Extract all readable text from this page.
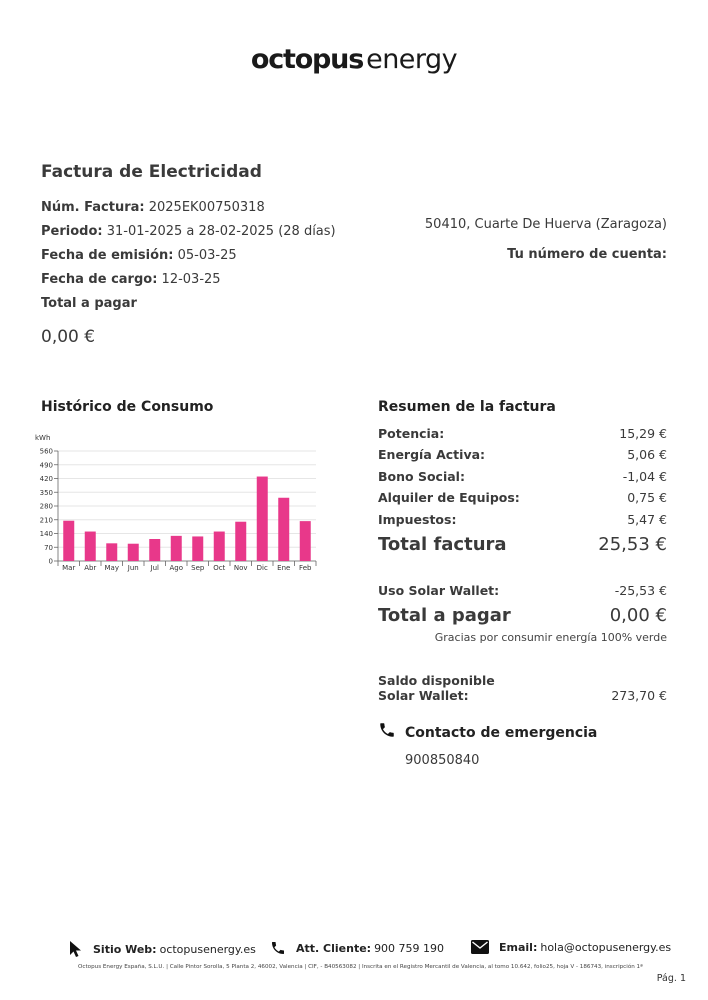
octopus energy
Factura de Electricidad
Núm. Factura: 2025EK00750318
Periodo: 31-01-2025 a 28-02-2025 (28 días)
Fecha de emisión: 05-03-25
Fecha de cargo: 12-03-25
Total a pagar
0,00 €
50410, Cuarte De Huerva (Zaragoza)
Tu número de cuenta:
Histórico de Consumo
kWh
0
70
140
210
280
350
420
490
560
Mar Abr May Jun Jul Ago Sep Oct Nov Dic Ene Feb
Resumen de la factura
Potencia:	15,29 €
Energía Activa:	5,06 €
Bono Social:	-1,04 €
Alquiler de Equipos:	0,75 €
Impuestos:	5,47 €
Total factura	25,53 €
Uso Solar Wallet:	-25,53 €
Total a pagar	0,00 €
Gracias por consumir energía 100% verde
Saldo disponible
Solar Wallet:	273,70 €
Contacto de emergencia
900850840
Sitio Web: octopusenergy.es	Att. Cliente: 900 759 190	Email: hola@octopusenergy.es
Octopus Energy España, S.L.U. | Calle Pintor Sorolla, 5 Planta 2, 46002, Valencia | CIF, - B40563082 | Inscrita en el Registro Mercantil de Valencia, al tomo 10.642, folio25, hoja V - 186743, inscripción 1ª
Pág. 1
